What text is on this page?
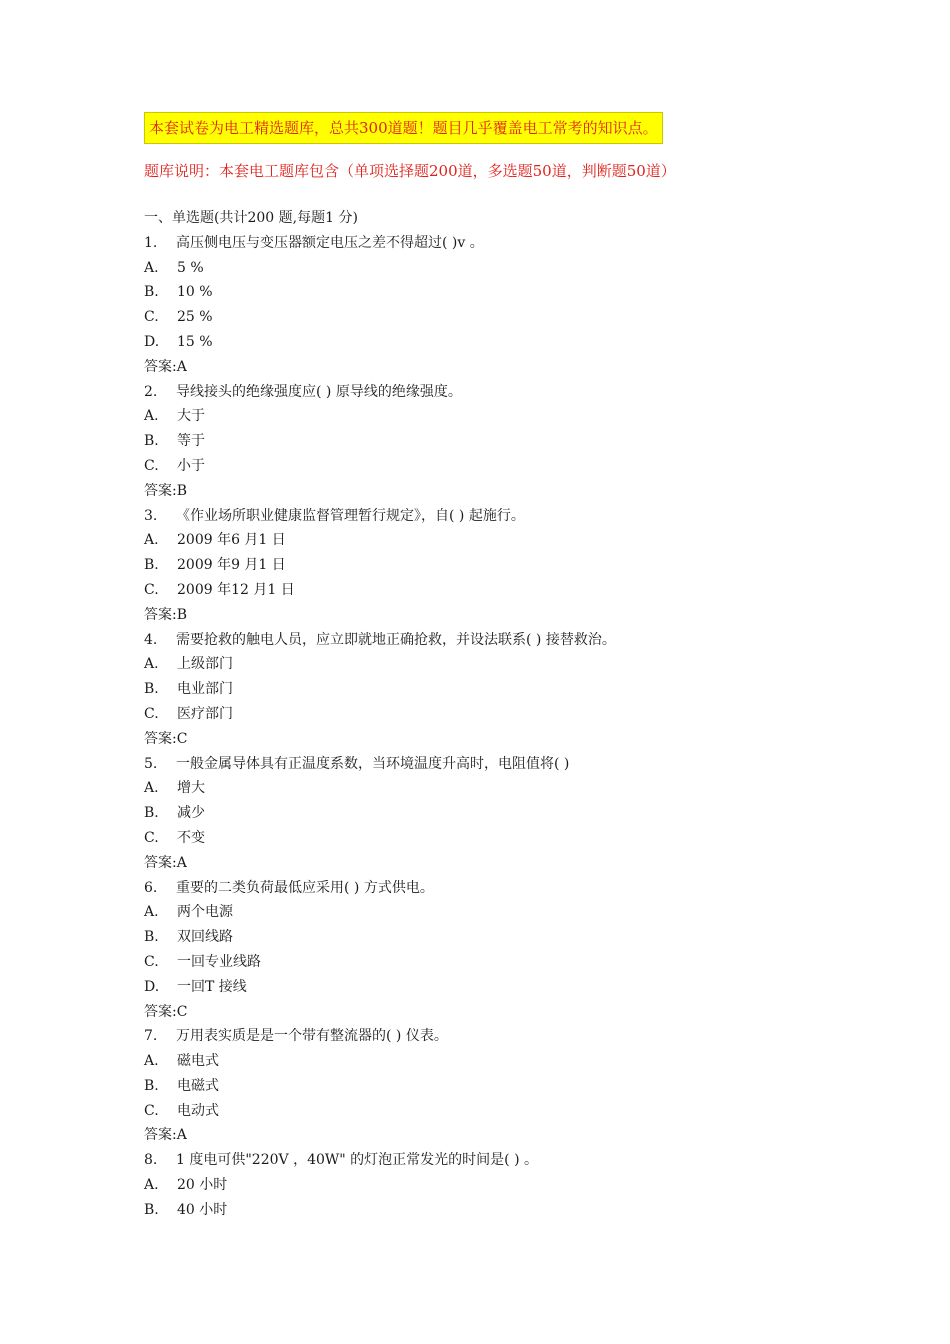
本套试卷为电工精选题库，总共300道题！题目几乎覆盖电工常考的知识点。
题库说明：本套电工题库包含（单项选择题200道，多选题50道，判断题50道）
一、单选题(共计200 题,每题1 分)
1. 高压侧电压与变压器额定电压之差不得超过( )v 。
A. 5 %
B. 10 %
C. 25 %
D. 15 %
答案:A
2. 导线接头的绝缘强度应( ) 原导线的绝缘强度。
A. 大于
B. 等于
C. 小于
答案:B
3. 《作业场所职业健康监督管理暂行规定》，自( ) 起施行。
A. 2009 年6 月1 日
B. 2009 年9 月1 日
C. 2009 年12 月1 日
答案:B
4. 需要抢救的触电人员，应立即就地正确抢救，并设法联系( ) 接替救治。
A. 上级部门
B. 电业部门
C. 医疗部门
答案:C
5. 一般金属导体具有正温度系数，当环境温度升高时，电阻值将( )
A. 增大
B. 减少
C. 不变
答案:A
6. 重要的二类负荷最低应采用( ) 方式供电。
A. 两个电源
B. 双回线路
C. 一回专业线路
D. 一回T 接线
答案:C
7. 万用表实质是是一个带有整流器的( ) 仪表。
A. 磁电式
B. 电磁式
C. 电动式
答案:A
8. 1 度电可供"220V ，40W" 的灯泡正常发光的时间是( ) 。
A. 20 小时
B. 40 小时
